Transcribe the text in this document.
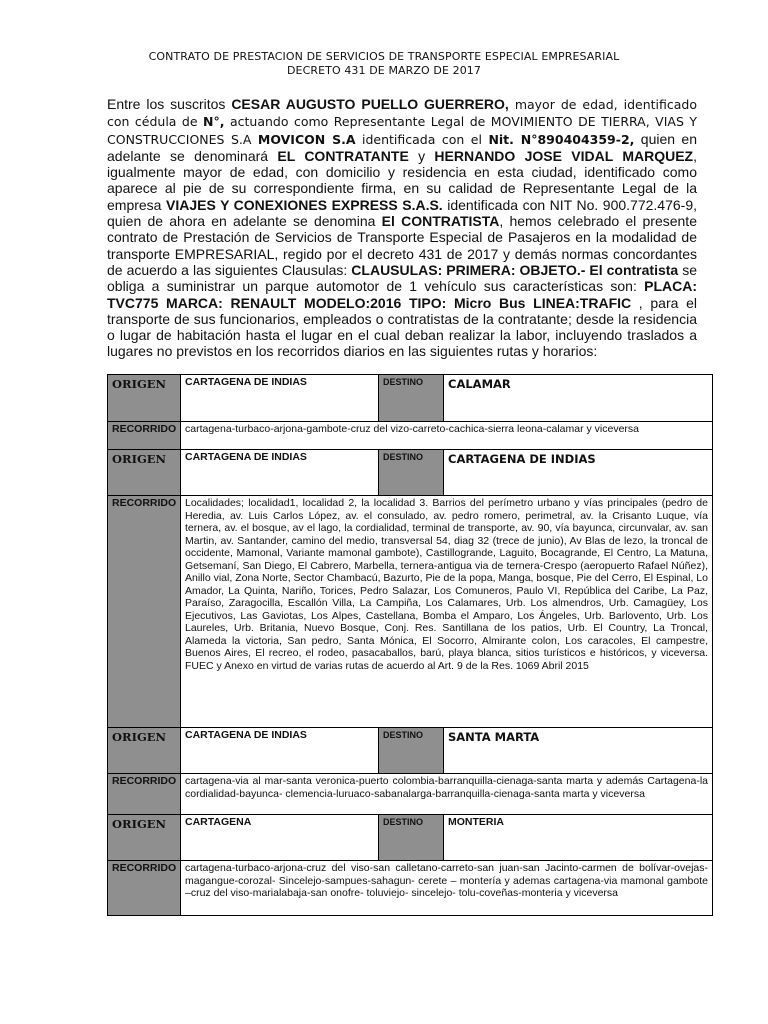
CONTRATO DE PRESTACION DE SERVICIOS DE TRANSPORTE ESPECIAL EMPRESARIAL
DECRETO 431 DE MARZO DE 2017
Entre los suscritos CESAR AUGUSTO PUELLO GUERRERO, mayor de edad, identificado con cédula de N°, actuando como Representante Legal de MOVIMIENTO DE TIERRA, VIAS Y CONSTRUCCIONES S.A MOVICON S.A identificada con el Nit. N°890404359-2, quien en adelante se denominará EL CONTRATANTE y HERNANDO JOSE VIDAL MARQUEZ, igualmente mayor de edad, con domicilio y residencia en esta ciudad, identificado como aparece al pie de su correspondiente firma, en su calidad de Representante Legal de la empresa VIAJES Y CONEXIONES EXPRESS S.A.S. identificada con NIT No. 900.772.476-9, quien de ahora en adelante se denomina El CONTRATISTA, hemos celebrado el presente contrato de Prestación de Servicios de Transporte Especial de Pasajeros en la modalidad de transporte EMPRESARIAL, regido por el decreto 431 de 2017 y demás normas concordantes de acuerdo a las siguientes Clausulas: CLAUSULAS: PRIMERA: OBJETO.- El contratista se obliga a suministrar un parque automotor de 1 vehículo sus características son: PLACA: TVC775 MARCA: RENAULT MODELO:2016 TIPO: Micro Bus LINEA:TRAFIC , para el transporte de sus funcionarios, empleados o contratistas de la contratante; desde la residencia o lugar de habitación hasta el lugar en el cual deban realizar la labor, incluyendo traslados a lugares no previstos en los recorridos diarios en las siguientes rutas y horarios:
ORIGEN	CARTAGENA DE INDIAS	DESTINO	CALAMAR
RECORRIDO	cartagena-turbaco-arjona-gambote-cruz del vizo-carreto-cachica-sierra leona-calamar y viceversa		
ORIGEN	CARTAGENA DE INDIAS	DESTINO	CARTAGENA DE INDIAS
RECORRIDO	Localidades; localidad1, localidad 2, la localidad 3. Barrios del perímetro urbano y vías principales (pedro de Heredia, av. Luis Carlos López, av. el consulado, av. pedro romero, perimetral, av. la Crisanto Luque, vía ternera, av. el bosque, av el lago, la cordialidad, terminal de transporte, av. 90, vía bayunca, circunvalar, av. san Martin, av. Santander, camino del medio, transversal 54, diag 32 (trece de junio), Av Blas de lezo, la troncal de occidente, Mamonal, Variante mamonal gambote), Castillogrande, Laguito, Bocagrande, El Centro, La Matuna, Getsemaní, San Diego, El Cabrero, Marbella, ternera-antigua via de ternera-Crespo (aeropuerto Rafael Núñez), Anillo vial, Zona Norte, Sector Chambacú, Bazurto, Pie de la popa, Manga, bosque, Pie del Cerro, El Espinal, Lo Amador, La Quinta, Nariño, Torices, Pedro Salazar, Los Comuneros, Paulo VI, República del Caribe, La Paz, Paraíso, Zaragocilla, Escallón Villa, La Campiña, Los Calamares, Urb. Los almendros, Urb. Camagüey, Los Ejecutivos, Las Gaviotas, Los Alpes, Castellana, Bomba el Amparo, Los Ángeles, Urb. Barlovento, Urb. Los Laureles, Urb. Britania, Nuevo Bosque, Conj. Res. Santillana de los patios, Urb. El Country, La Troncal, Alameda la victoria, San pedro, Santa Mónica, El Socorro, Almirante colon, Los caracoles, El campestre, Buenos Aires, El recreo, el rodeo, pasacaballos, barú, playa blanca, sitios turísticos e históricos, y viceversa. FUEC y Anexo en virtud de varias rutas de acuerdo al Art. 9 de la Res. 1069 Abril 2015		
ORIGEN	CARTAGENA DE INDIAS	DESTINO	SANTA MARTA
RECORRIDO	cartagena-via al mar-santa veronica-puerto colombia-barranquilla-cienaga-santa marta y además Cartagena-la cordialidad-bayunca- clemencia-luruaco-sabanalarga-barranquilla-cienaga-santa marta y viceversa		
ORIGEN	CARTAGENA	DESTINO	MONTERIA
RECORRIDO	cartagena-turbaco-arjona-cruz del viso-san calletano-carreto-san juan-san Jacinto-carmen de bolívar-ovejas-magangue-corozal- Sincelejo-sampues-sahagun- cerete – montería y ademas cartagena-via mamonal gambote –cruz del viso-marialabaja-san onofre- toluviejo- sincelejo- tolu-coveñas-monteria y viceversa		
